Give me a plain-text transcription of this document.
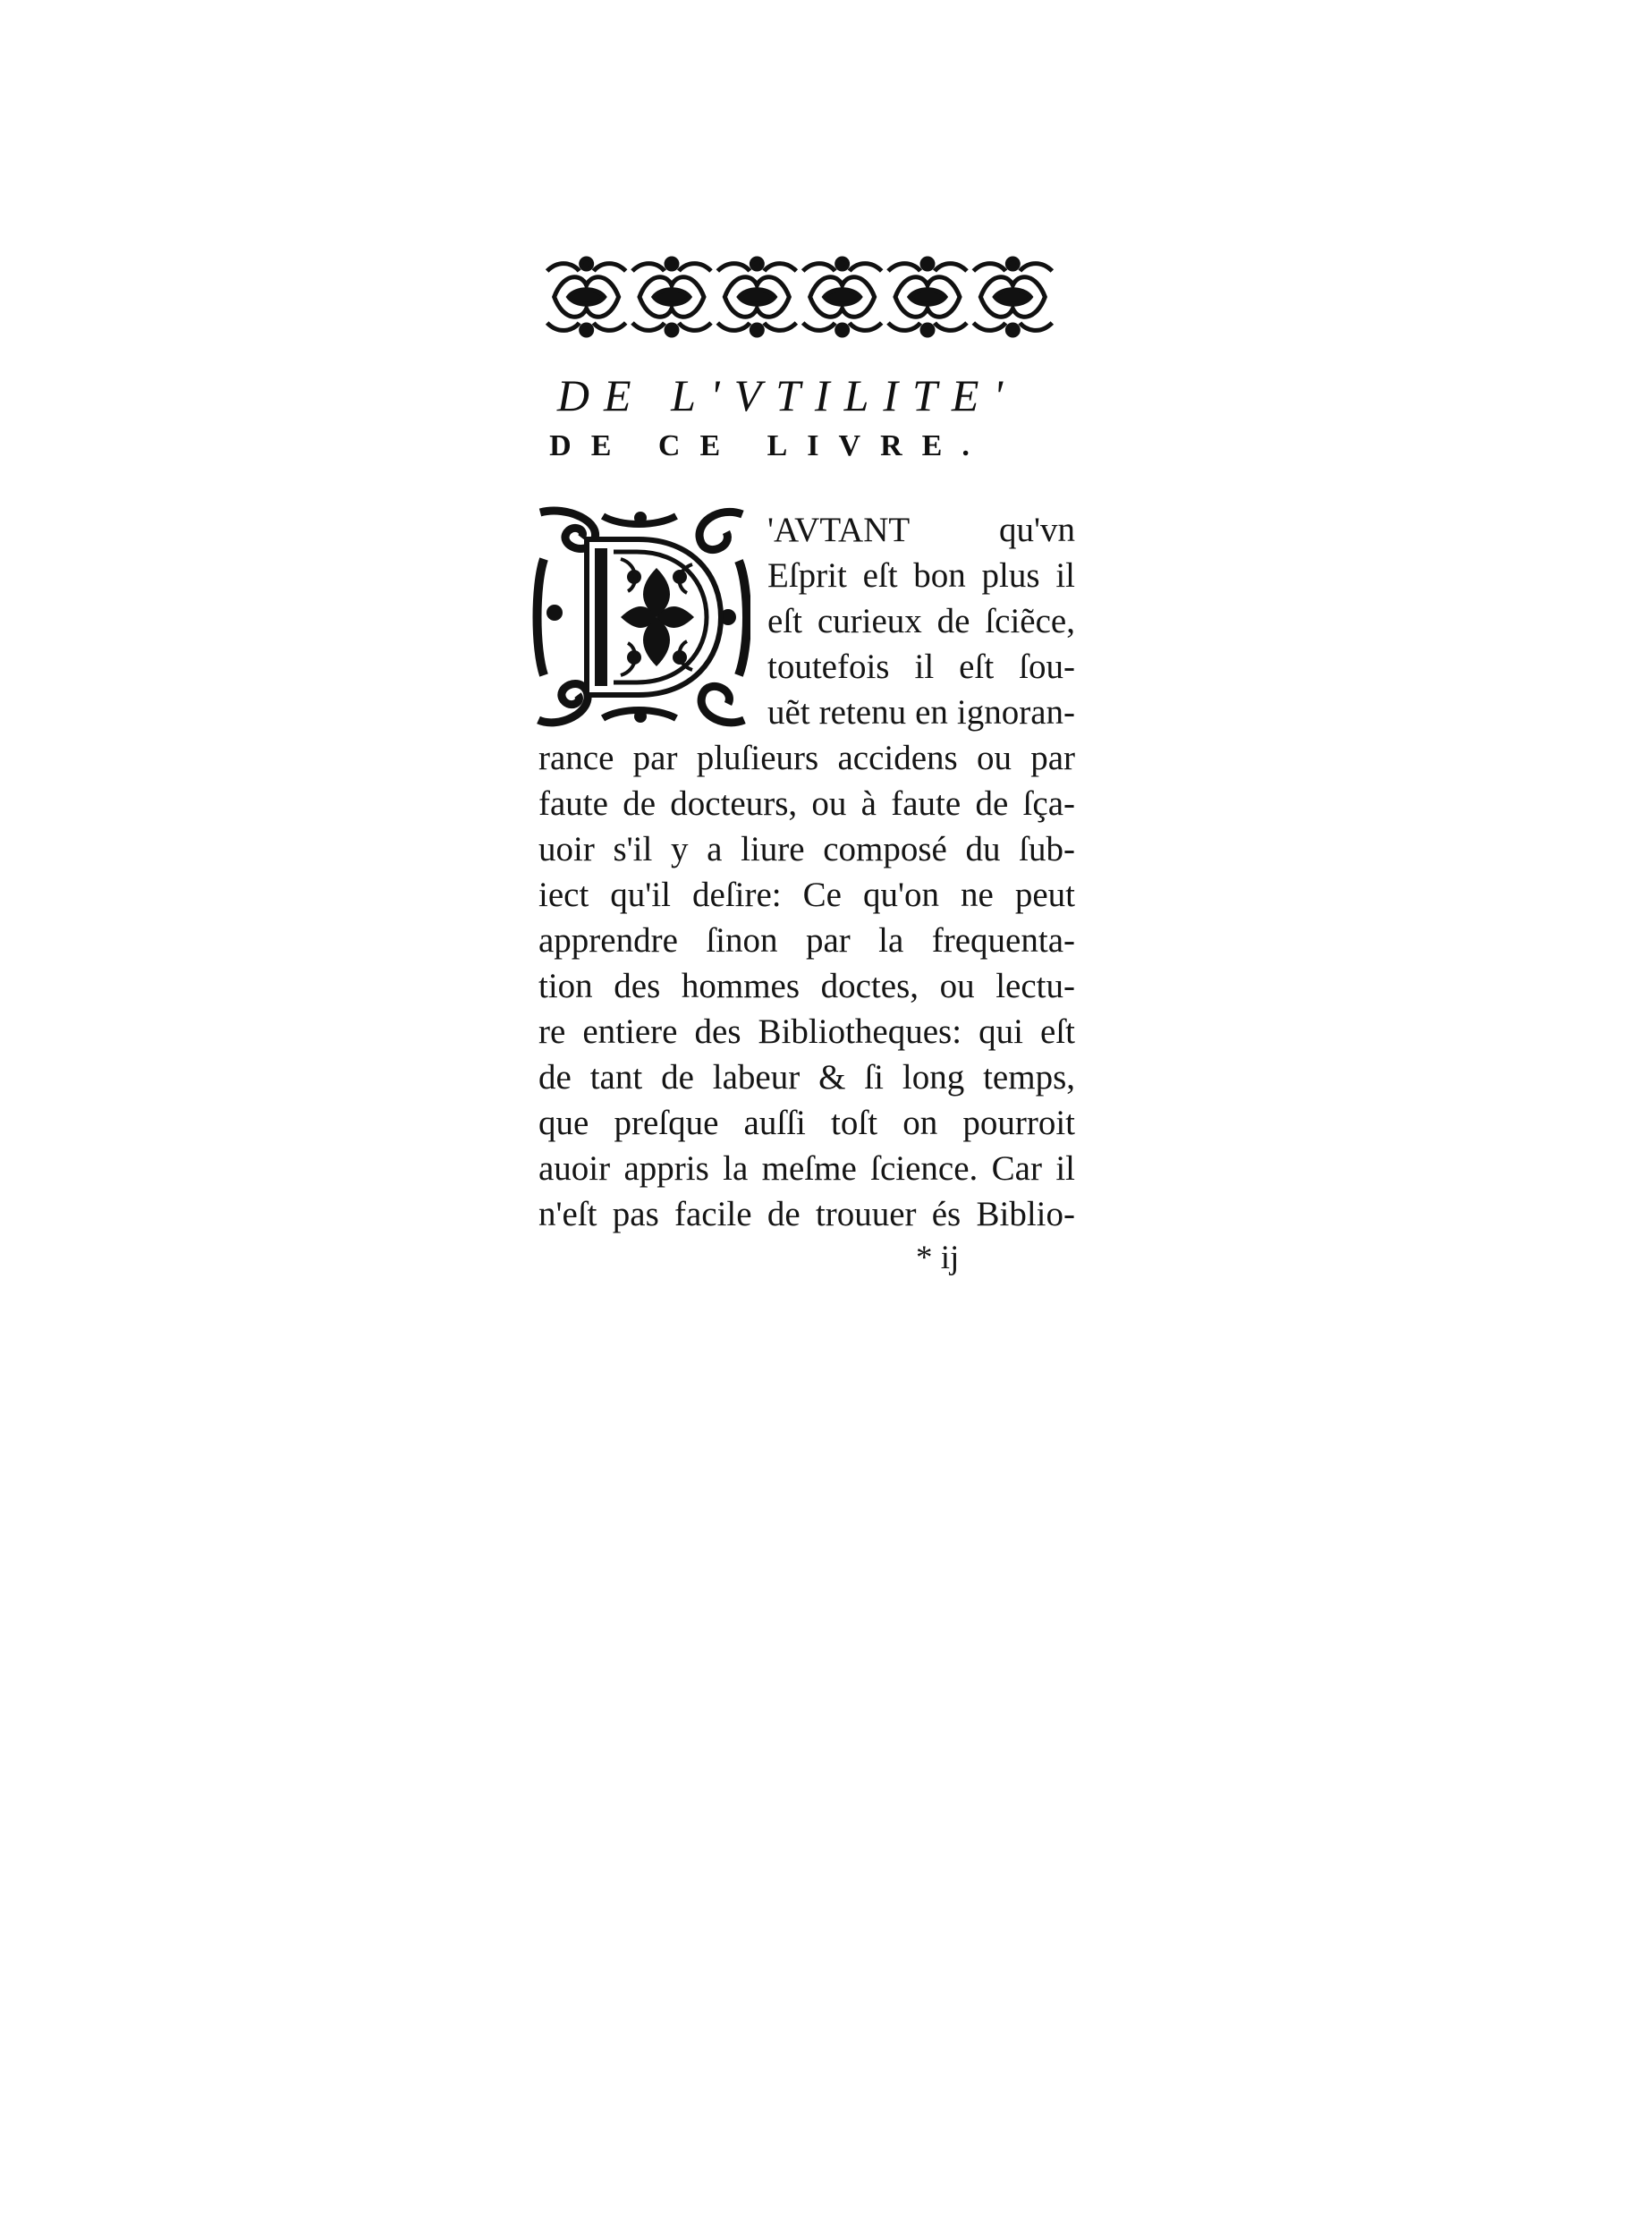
DE L'VTILITE'
DE CE LIVRE.
'AVTANT qu'vn
Eſprit eſt bon plus il
eſt curieux de ſciẽce,
toutefois il eſt ſou-
uẽt retenu en ignoran-
rance par pluſieurs accidens ou par
faute de docteurs, ou à faute de ſça-
uoir s'il y a liure composé du ſub-
iect qu'il deſire: Ce qu'on ne peut
apprendre ſinon par la frequenta-
tion des hommes doctes, ou lectu-
re entiere des Bibliotheques: qui eſt
de tant de labeur & ſi long temps,
que preſque auſſi toſt on pourroit
auoir appris la meſme ſcience. Car il
n'eſt pas facile de trouuer és Biblio-
* ij
